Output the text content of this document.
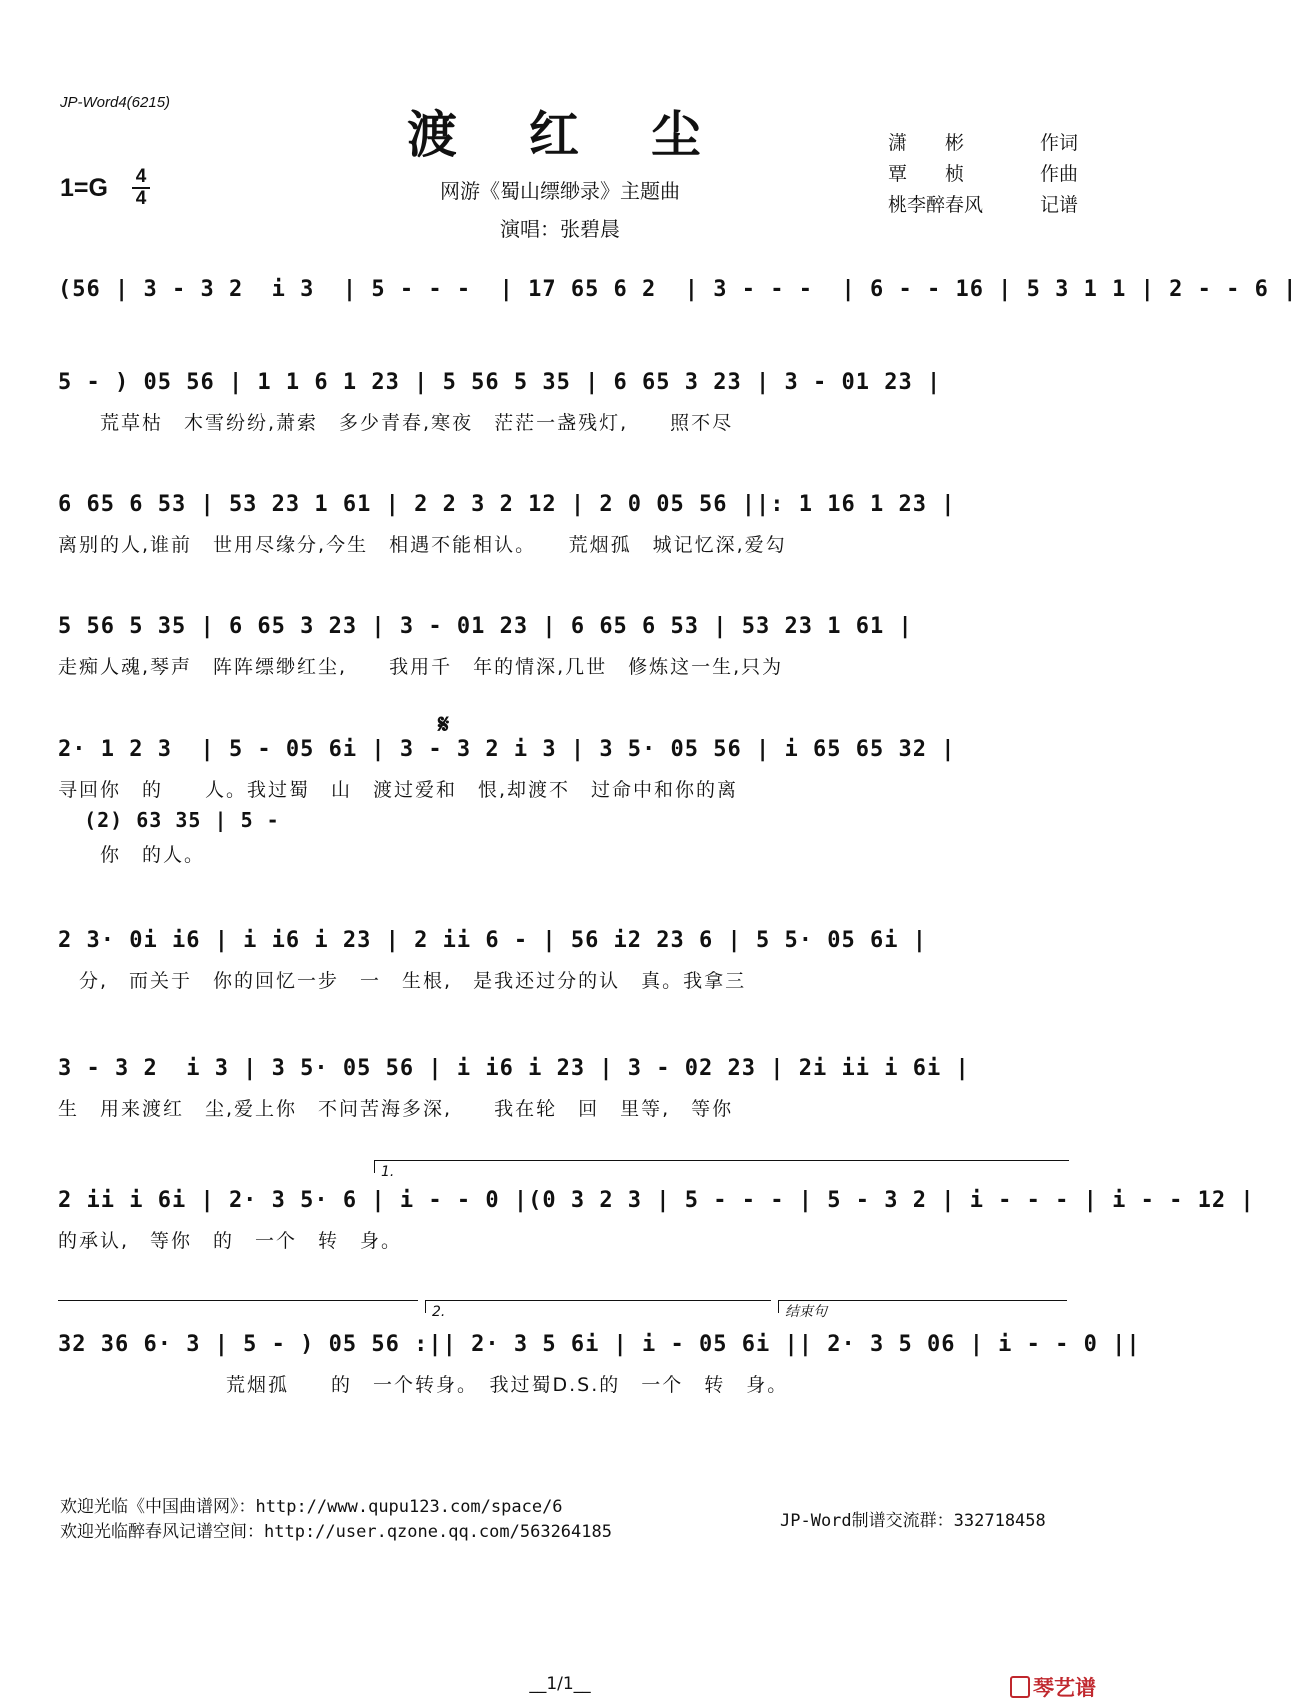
JP-Word4(6215)
渡红尘
网游《蜀山缥缈录》主题曲
演唱：张碧晨
1=G 4
4
潇　　彬	作词
覃　　桢	作曲
桃李醉春风	记谱
(56 | 3 - 3 2  i 3  | 5 - - -  | 17 65 6 2  | 3 - - -  | 6 - - 16 | 5 3 1 1 | 2 - - 6 |
5 - ) 05 56 | 1 1 6 1 23 | 5 56 5 35 | 6 65 3 23 | 3 - 01 23 |
　　荒草枯　木雪纷纷,萧索　多少青春,寒夜　茫茫一盏残灯,　　照不尽
6 65 6 53 | 53 23 1 61 | 2 2 3 2 12 | 2 0 05 56 ||: 1 16 1 23 |
离别的人,谁前　世用尽缘分,今生　相遇不能相认。　　荒烟孤　城记忆深,爱勾
5 56 5 35 | 6 65 3 23 | 3 - 01 23 | 6 65 6 53 | 53 23 1 61 |
走痴人魂,琴声　阵阵缥缈红尘,　　我用千　年的情深,几世　修炼这一生,只为
𝄋
2· 1 2 3  | 5 - 05 6i | 3 - 3 2 i 3 | 3 5· 05 56 | i 65 65 32 |
寻回你　的　　人。我过蜀　山　渡过爱和　恨,却渡不　过命中和你的离
(2) 63 35 | 5 -
　　你　的人。
2 3· 0i i6 | i i6 i 23 | 2 ii 6 - | 56 i2 23 6 | 5 5· 05 6i |
　分,　而关于　你的回忆一步　一　生根,　是我还过分的认　真。我拿三
3 - 3 2  i 3 | 3 5· 05 56 | i i6 i 23 | 3 - 02 23 | 2i ii i 6i |
生　用来渡红　尘,爱上你　不问苦海多深,　　我在轮　回　里等,　等你
1.
2 ii i 6i | 2· 3 5· 6 | i - - 0 |(0 3 2 3 | 5 - - - | 5 - 3 2 | i - - - | i - - 12 |
的承认,　等你　的　一个　转　身。
2.	结束句
32 36 6· 3 | 5 - ) 05 56 :|| 2· 3 5 6i | i - 05 6i || 2· 3 5 06 | i - - 0 ||
　　　　　　　　荒烟孤　　的　一个转身。　我过蜀D.S.的　一个　转　身。
欢迎光临《中国曲谱网》：http://www.qupu123.com/space/6
欢迎光临醉春风记谱空间：http://user.qzone.qq.com/563264185
JP-Word制谱交流群：332718458
__1/1__	琴艺谱
